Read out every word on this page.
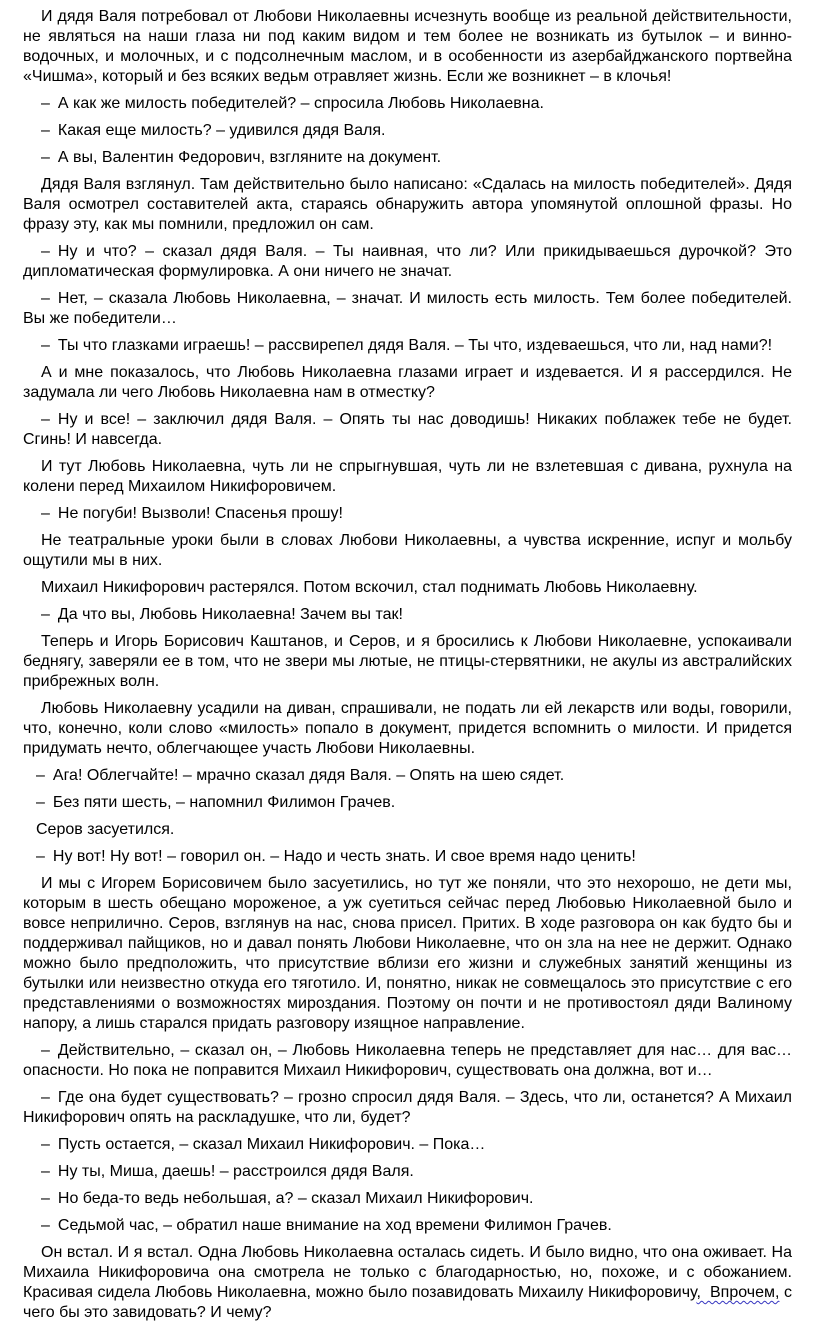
И дядя Валя потребовал от Любови Николаевны исчезнуть вообще из реальной действительности, не являться на наши глаза ни под каким видом и тем более не возникать из бутылок – и винно-водочных, и молочных, и с подсолнечным маслом, и в особенности из азербайджанского портвейна «Чишма», который и без всяких ведьм отравляет жизнь. Если же возникнет – в клочья!

– А как же милость победителей? – спросила Любовь Николаевна.

– Какая еще милость? – удивился дядя Валя.

– А вы, Валентин Федорович, взгляните на документ.

Дядя Валя взглянул. Там действительно было написано: «Сдалась на милость победителей». Дядя Валя осмотрел составителей акта, стараясь обнаружить автора упомянутой оплошной фразы. Но фразу эту, как мы помнили, предложил он сам.

– Ну и что? – сказал дядя Валя. – Ты наивная, что ли? Или прикидываешься дурочкой? Это дипломатическая формулировка. А они ничего не значат.

– Нет, – сказала Любовь Николаевна, – значат. И милость есть милость. Тем более победителей. Вы же победители…

– Ты что глазками играешь! – рассвирепел дядя Валя. – Ты что, издеваешься, что ли, над нами?!

А и мне показалось, что Любовь Николаевна глазами играет и издевается. И я рассердился. Не задумала ли чего Любовь Николаевна нам в отместку?

– Ну и все! – заключил дядя Валя. – Опять ты нас доводишь! Никаких поблажек тебе не будет. Сгинь! И навсегда.

И тут Любовь Николаевна, чуть ли не спрыгнувшая, чуть ли не взлетевшая с дивана, рухнула на колени перед Михаилом Никифоровичем.

– Не погуби! Вызволи! Спасенья прошу!

Не театральные уроки были в словах Любови Николаевны, а чувства искренние, испуг и мольбу ощутили мы в них.

Михаил Никифорович растерялся. Потом вскочил, стал поднимать Любовь Николаевну.

– Да что вы, Любовь Николаевна! Зачем вы так!

Теперь и Игорь Борисович Каштанов, и Серов, и я бросились к Любови Николаевне, успокаивали беднягу, заверяли ее в том, что не звери мы лютые, не птицы-стервятники, не акулы из австралийских прибрежных волн.

Любовь Николаевну усадили на диван, спрашивали, не подать ли ей лекарств или воды, говорили, что, конечно, коли слово «милость» попало в документ, придется вспомнить о милости. И придется придумать нечто, облегчающее участь Любови Николаевны.

– Ага! Облегчайте! – мрачно сказал дядя Валя. – Опять на шею сядет.

– Без пяти шесть, – напомнил Филимон Грачев.

Серов засуетился.

– Ну вот! Ну вот! – говорил он. – Надо и честь знать. И свое время надо ценить!

И мы с Игорем Борисовичем было засуетились, но тут же поняли, что это нехорошо, не дети мы, которым в шесть обещано мороженое, а уж суетиться сейчас перед Любовью Николаевной было и вовсе неприлично. Серов, взглянув на нас, снова присел. Притих. В ходе разговора он как будто бы и поддерживал пайщиков, но и давал понять Любови Николаевне, что он зла на нее не держит. Однако можно было предположить, что присутствие вблизи его жизни и служебных занятий женщины из бутылки или неизвестно откуда его тяготило. И, понятно, никак не совмещалось это присутствие с его представлениями о возможностях мироздания. Поэтому он почти и не противостоял дяди Валиному напору, а лишь старался придать разговору изящное направление.

– Действительно, – сказал он, – Любовь Николаевна теперь не представляет для нас… для вас… опасности. Но пока не поправится Михаил Никифорович, существовать она должна, вот и…

– Где она будет существовать? – грозно спросил дядя Валя. – Здесь, что ли, останется? А Михаил Никифорович опять на раскладушке, что ли, будет?

– Пусть остается, – сказал Михаил Никифорович. – Пока…

– Ну ты, Миша, даешь! – расстроился дядя Валя.

– Но беда-то ведь небольшая, а? – сказал Михаил Никифорович.

– Седьмой час, – обратил наше внимание на ход времени Филимон Грачев.

Он встал. И я встал. Одна Любовь Николаевна осталась сидеть. И было видно, что она оживает. На Михаила Никифоровича она смотрела не только с благодарностью, но, похоже, и с обожанием. Красивая сидела Любовь Николаевна, можно было позавидовать Михаилу Никифоровичу,  Впрочем, с чего бы это завидовать? И чему?
